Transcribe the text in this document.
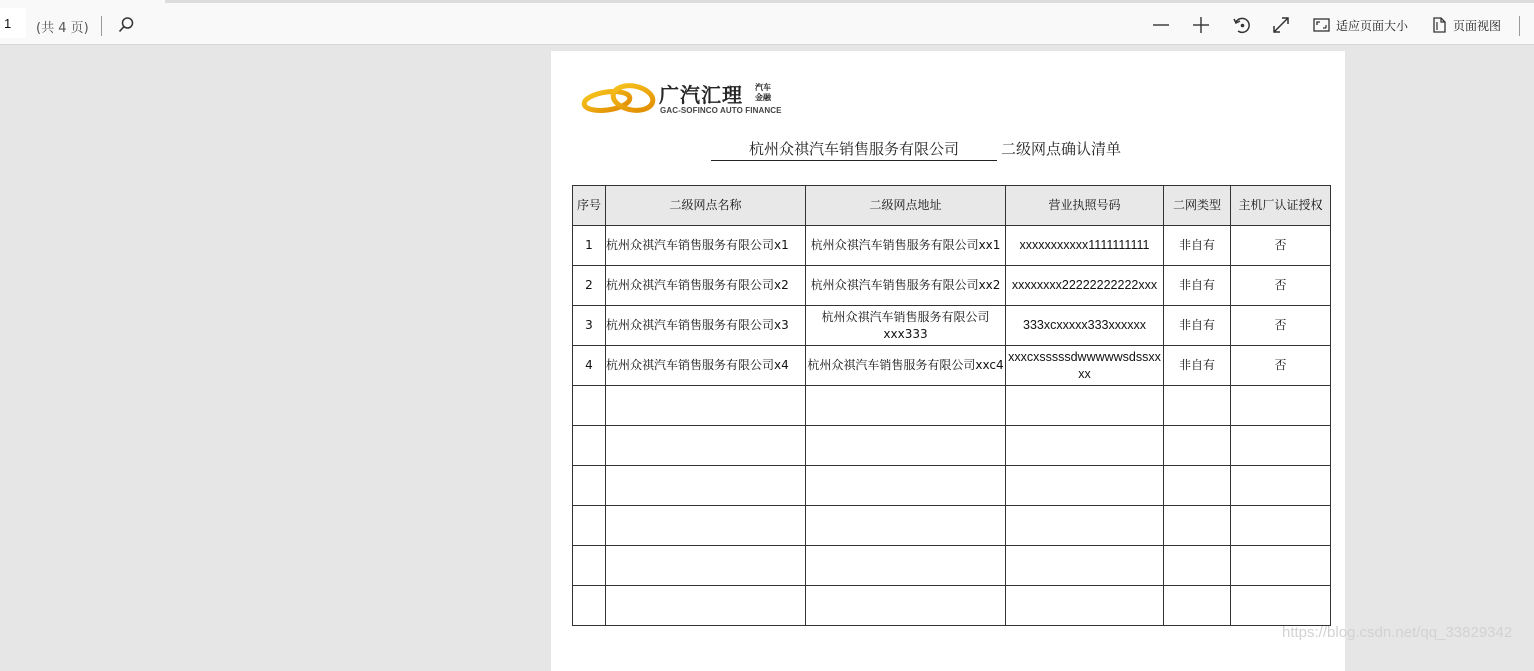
1
(共 4 页)	适应页面大小	页面视图
广汽汇理 汽车金融
GAC-SOFINCO AUTO FINANCE
杭州众祺汽车销售服务有限公司	二级网点确认清单
序号	二级网点名称	二级网点地址	营业执照号码	二网类型	主机厂认证授权
1	杭州众祺汽车销售服务有限公司x1	杭州众祺汽车销售服务有限公司xx1	xxxxxxxxxxx1111111111	非自有	否
2	杭州众祺汽车销售服务有限公司x2	杭州众祺汽车销售服务有限公司xx2	xxxxxxxx22222222222xxx	非自有	否
3	杭州众祺汽车销售服务有限公司x3	杭州众祺汽车销售服务有限公司xxx333	333xcxxxxx333xxxxxx	非自有	否
4	杭州众祺汽车销售服务有限公司x4	杭州众祺汽车销售服务有限公司xxc4	xxxcxsssssdwwwwwsdssxxxx	非自有	否

https://blog.csdn.net/qq_33829342
